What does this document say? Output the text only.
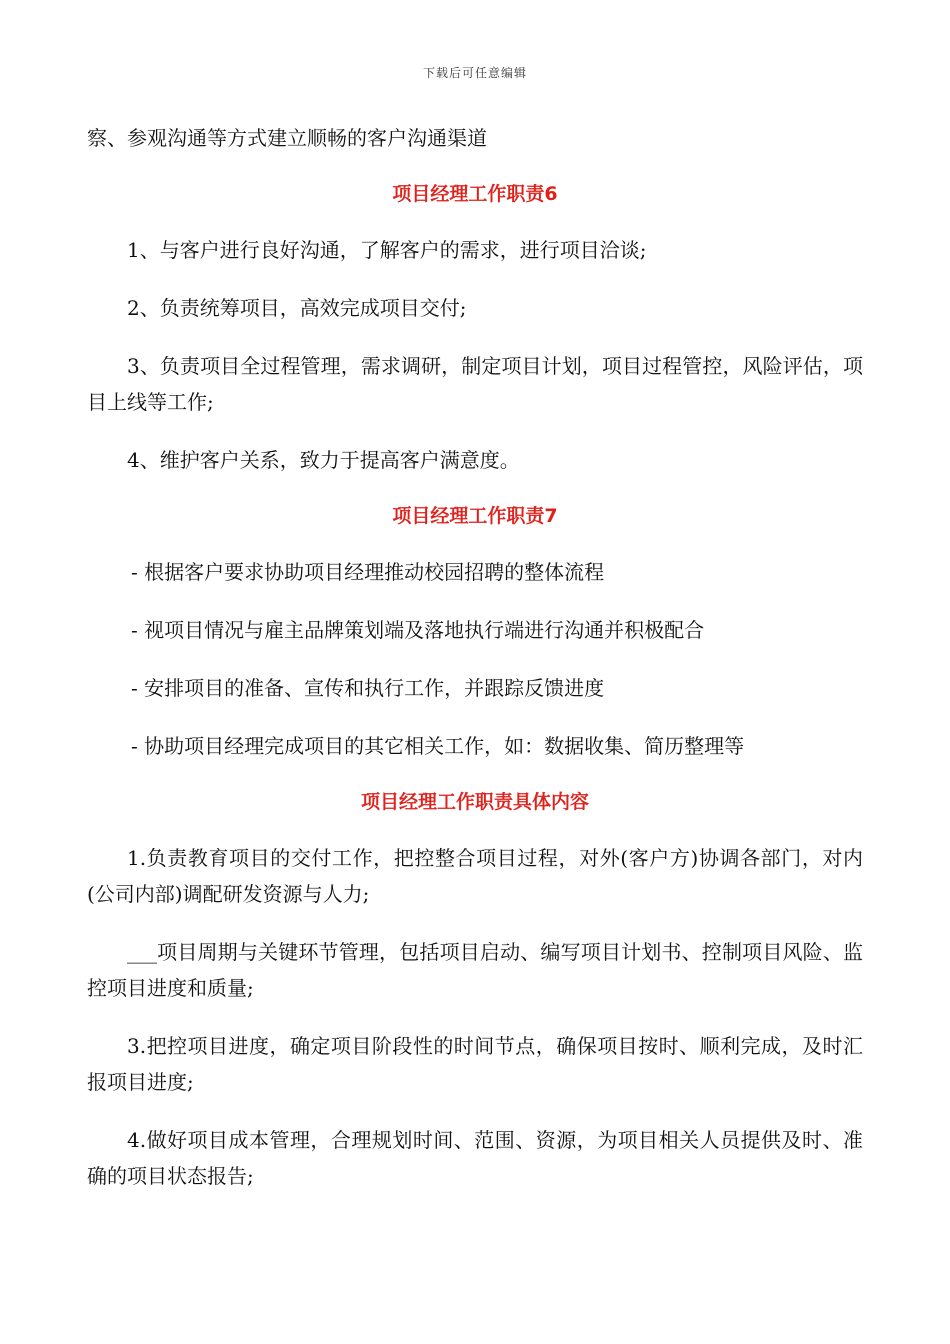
下载后可任意编辑

察、参观沟通等方式建立顺畅的客户沟通渠道

项目经理工作职责6

1、与客户进行良好沟通，了解客户的需求，进行项目洽谈;

2、负责统筹项目，高效完成项目交付;

3、负责项目全过程管理，需求调研，制定项目计划，项目过程管控，风险评估，项目上线等工作;

4、维护客户关系，致力于提高客户满意度。

项目经理工作职责7

- 根据客户要求协助项目经理推动校园招聘的整体流程

- 视项目情况与雇主品牌策划端及落地执行端进行沟通并积极配合

- 安排项目的准备、宣传和执行工作，并跟踪反馈进度

- 协助项目经理完成项目的其它相关工作，如：数据收集、简历整理等

项目经理工作职责具体内容

1.负责教育项目的交付工作，把控整合项目过程，对外(客户方)协调各部门，对内(公司内部)调配研发资源与人力;

___项目周期与关键环节管理，包括项目启动、编写项目计划书、控制项目风险、监控项目进度和质量;

3.把控项目进度，确定项目阶段性的时间节点，确保项目按时、顺利完成，及时汇报项目进度;

4.做好项目成本管理，合理规划时间、范围、资源，为项目相关人员提供及时、准确的项目状态报告;
